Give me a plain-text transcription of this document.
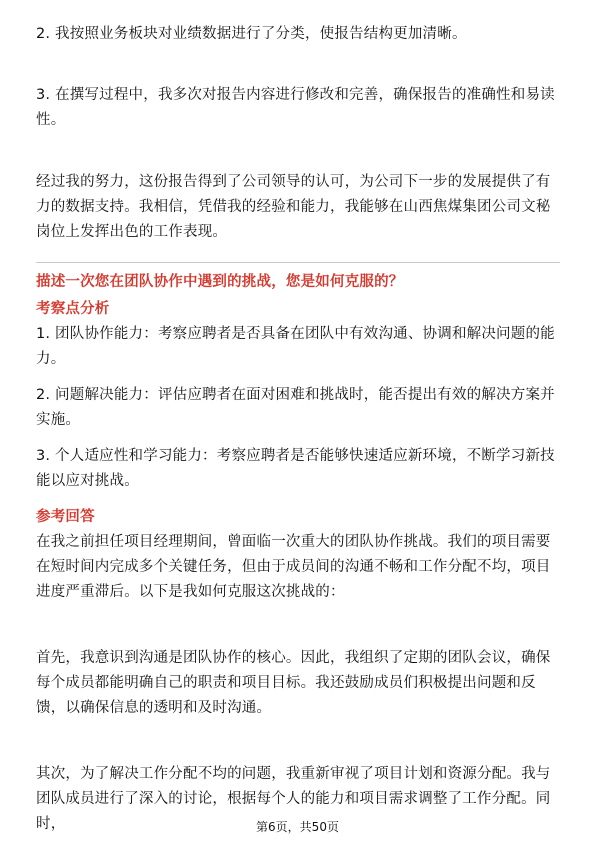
2. 我按照业务板块对业绩数据进行了分类，使报告结构更加清晰。

3. 在撰写过程中，我多次对报告内容进行修改和完善，确保报告的准确性和易读性。

经过我的努力，这份报告得到了公司领导的认可，为公司下一步的发展提供了有力的数据支持。我相信，凭借我的经验和能力，我能够在山西焦煤集团公司文秘岗位上发挥出色的工作表现。

描述一次您在团队协作中遇到的挑战，您是如何克服的？

考察点分析

1. 团队协作能力：考察应聘者是否具备在团队中有效沟通、协调和解决问题的能力。

2. 问题解决能力：评估应聘者在面对困难和挑战时，能否提出有效的解决方案并实施。

3. 个人适应性和学习能力：考察应聘者是否能够快速适应新环境，不断学习新技能以应对挑战。

参考回答

在我之前担任项目经理期间，曾面临一次重大的团队协作挑战。我们的项目需要在短时间内完成多个关键任务，但由于成员间的沟通不畅和工作分配不均，项目进度严重滞后。以下是我如何克服这次挑战的：

首先，我意识到沟通是团队协作的核心。因此，我组织了定期的团队会议，确保每个成员都能明确自己的职责和项目目标。我还鼓励成员们积极提出问题和反馈，以确保信息的透明和及时沟通。

其次，为了解决工作分配不均的问题，我重新审视了项目计划和资源分配。我与团队成员进行了深入的讨论，根据每个人的能力和项目需求调整了工作分配。同时，	第6页，共50页
